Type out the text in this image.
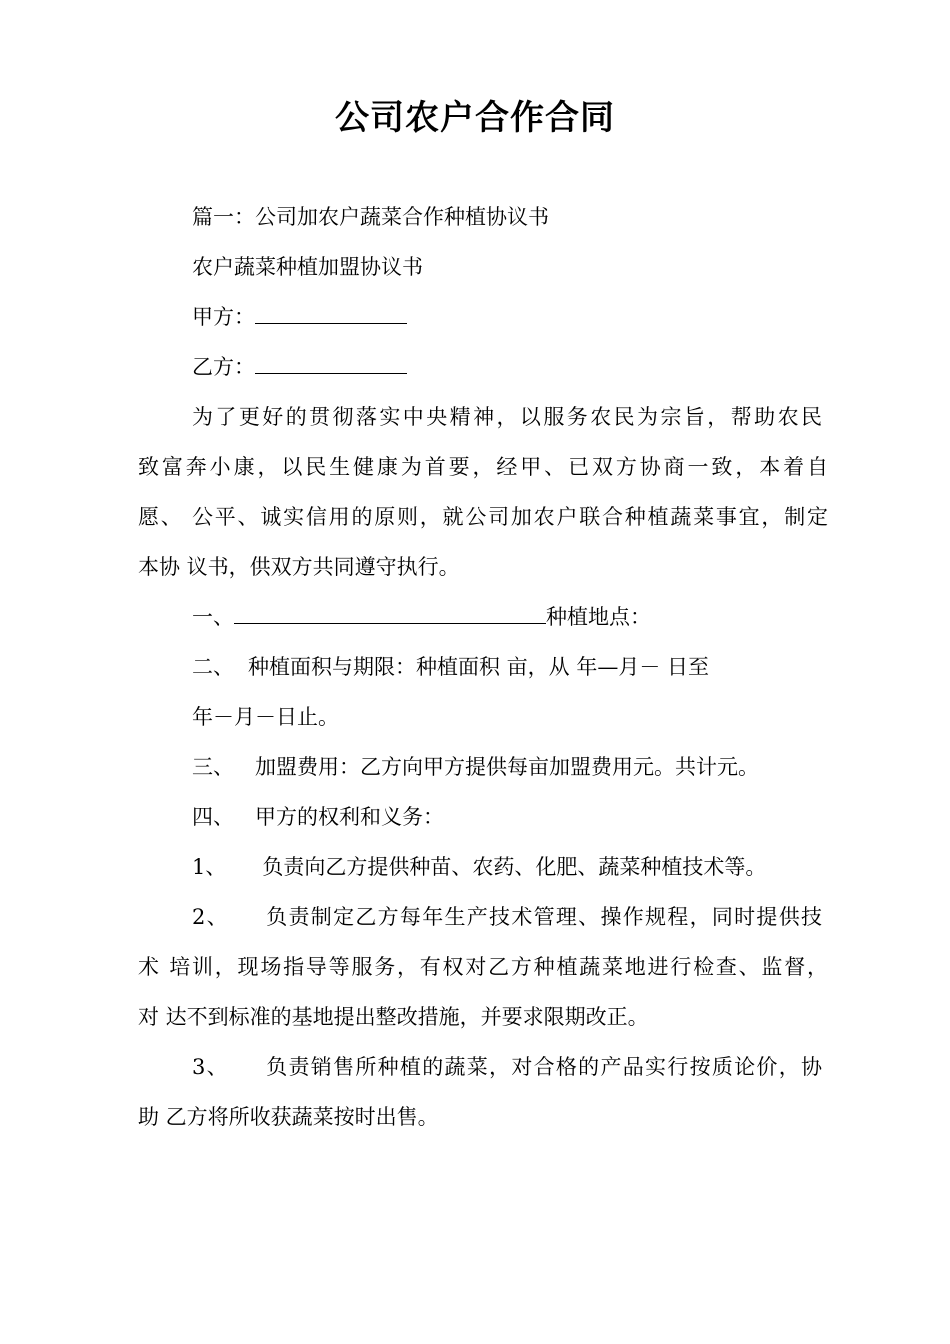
公司农户合作合同
篇一：公司加农户蔬菜合作种植协议书
农户蔬菜种植加盟协议书
甲方：
乙方：
为了更好的贯彻落实中央精神，以服务农民为宗旨，帮助农民
致富奔小康，以民生健康为首要，经甲、已双方协商一致，本着自
愿、 公平、诚实信用的原则，就公司加农户联合种植蔬菜事宜，制定
本协 议书，供双方共同遵守执行。
一、	种植地点：
二、 种植面积与期限：种植面积 亩，从 年—月－ 日至
年－月－日止。
三、 加盟费用：乙方向甲方提供每亩加盟费用元。共计元。
四、 甲方的权利和义务：
1、 负责向乙方提供种苗、农药、化肥、蔬菜种植技术等。
2、 负责制定乙方每年生产技术管理、操作规程，同时提供技
术 培训，现场指导等服务，有权对乙方种植蔬菜地进行检查、监督，
对 达不到标准的基地提出整改措施，并要求限期改正。
3、 负责销售所种植的蔬菜，对合格的产品实行按质论价，协
助 乙方将所收获蔬菜按时出售。
